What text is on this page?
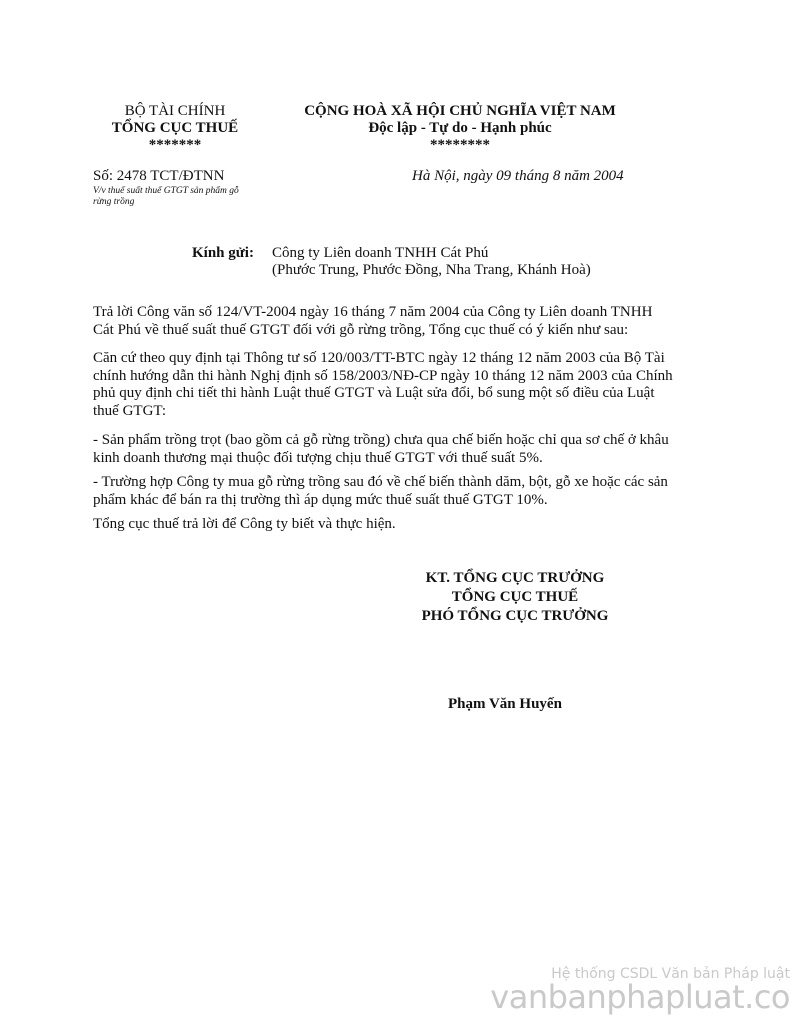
BỘ TÀI CHÍNH
TỔNG CỤC THUẾ
*******
CỘNG HOÀ XÃ HỘI CHỦ NGHĨA VIỆT NAM
Độc lập - Tự do - Hạnh phúc
********
Số: 2478 TCT/ĐTNN
V/v thuế suất thuế GTGT sản phẩm gỗ
rừng trồng
Hà Nội, ngày 09 tháng 8 năm 2004
Kính gửi: Công ty Liên doanh TNHH Cát Phú
(Phước Trung, Phước Đồng, Nha Trang, Khánh Hoà)
Trả lời Công văn số 124/VT-2004 ngày 16 tháng 7 năm 2004 của Công ty Liên doanh TNHH
Cát Phú về thuế suất thuế GTGT đối với gỗ rừng trồng, Tổng cục thuế có ý kiến như sau:
Căn cứ theo quy định tại Thông tư số 120/003/TT-BTC ngày 12 tháng 12 năm 2003 của Bộ Tài
chính hướng dẫn thi hành Nghị định số 158/2003/NĐ-CP ngày 10 tháng 12 năm 2003 của Chính
phủ quy định chi tiết thi hành Luật thuế GTGT và Luật sửa đổi, bổ sung một số điều của Luật
thuế GTGT:
- Sản phẩm trồng trọt (bao gồm cả gỗ rừng trồng) chưa qua chế biến hoặc chỉ qua sơ chế ở khâu
kinh doanh thương mại thuộc đối tượng chịu thuế GTGT với thuế suất 5%.
- Trường hợp Công ty mua gỗ rừng trồng sau đó về chế biến thành dăm, bột, gỗ xe hoặc các sản
phẩm khác để bán ra thị trường thì áp dụng mức thuế suất thuế GTGT 10%.
Tổng cục thuế trả lời để Công ty biết và thực hiện.
KT. TỔNG CỤC TRƯỞNG
TỔNG CỤC THUẾ
PHÓ TỔNG CỤC TRƯỞNG
Phạm Văn Huyến
Hệ thống CSDL Văn bản Pháp luật
vanbanphapluat.co
